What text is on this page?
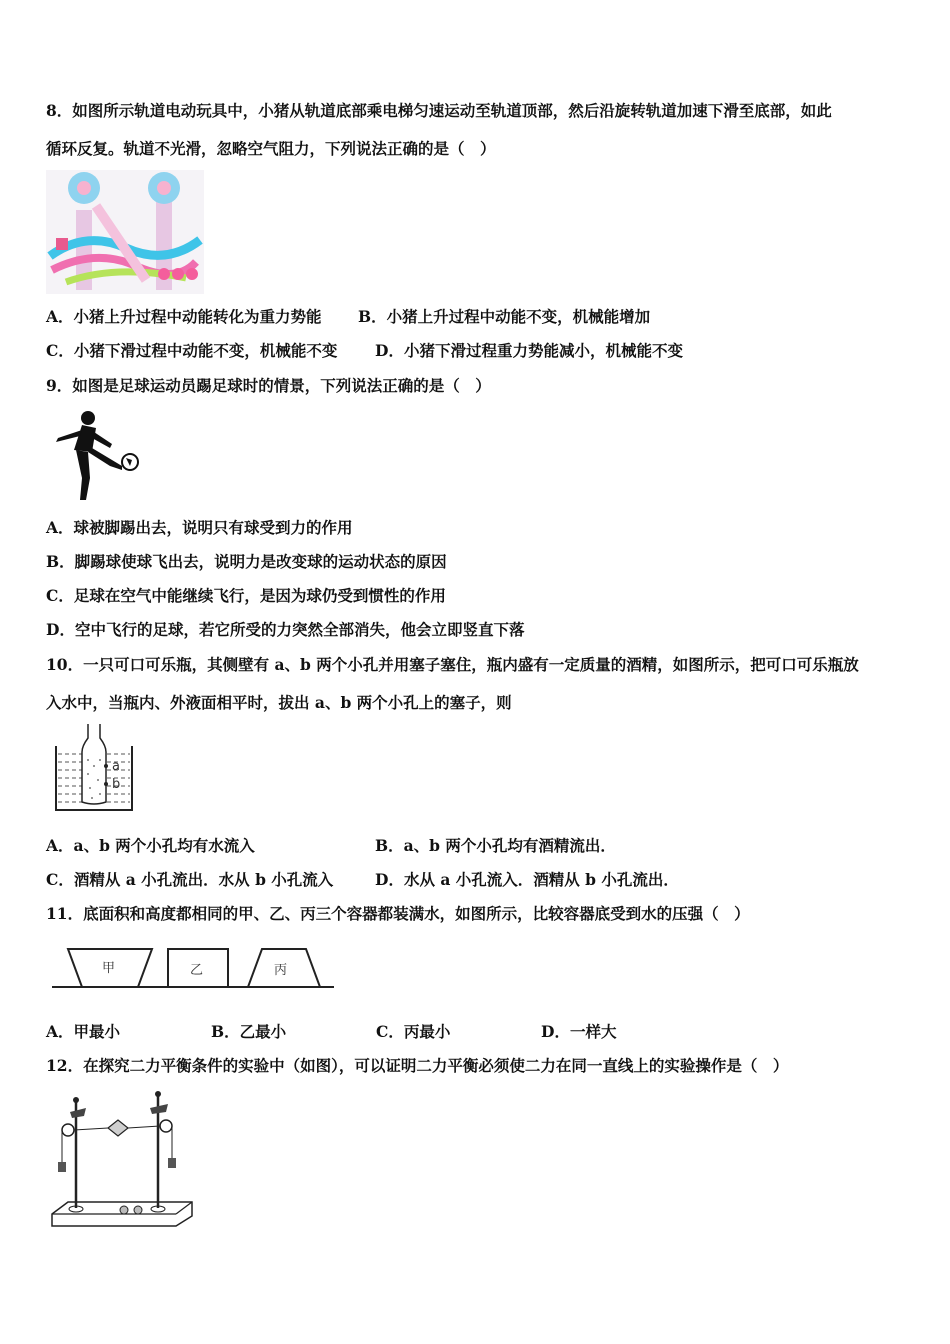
8．如图所示轨道电动玩具中，小猪从轨道底部乘电梯匀速运动至轨道顶部，然后沿旋转轨道加速下滑至底部，如此
循环反复。轨道不光滑，忽略空气阻力，下列说法正确的是（　）
A．小猪上升过程中动能转化为重力势能 B．小猪上升过程中动能不变，机械能增加
C．小猪下滑过程中动能不变，机械能不变 D．小猪下滑过程重力势能减小，机械能不变
9．如图是足球运动员踢足球时的情景，下列说法正确的是（　）
A．球被脚踢出去，说明只有球受到力的作用
B．脚踢球使球飞出去，说明力是改变球的运动状态的原因
C．足球在空气中能继续飞行，是因为球仍受到惯性的作用
D．空中飞行的足球，若它所受的力突然全部消失，他会立即竖直下落
10．一只可口可乐瓶，其侧壁有 a、b 两个小孔并用塞子塞住，瓶内盛有一定质量的酒精，如图所示，把可口可乐瓶放
入水中，当瓶内、外液面相平时，拔出 a、b 两个小孔上的塞子，则
a
b
A．a、b 两个小孔均有水流入	B．a、b 两个小孔均有酒精流出．
C．酒精从 a 小孔流出．水从 b 小孔流入	D．水从 a 小孔流入．酒精从 b 小孔流出．
11．底面积和高度都相同的甲、乙、丙三个容器都装满水，如图所示，比较容器底受到水的压强（　）
甲	乙	丙
A．甲最小	B．乙最小	C．丙最小	D．一样大
12．在探究二力平衡条件的实验中（如图），可以证明二力平衡必须使二力在同一直线上的实验操作是（　）
